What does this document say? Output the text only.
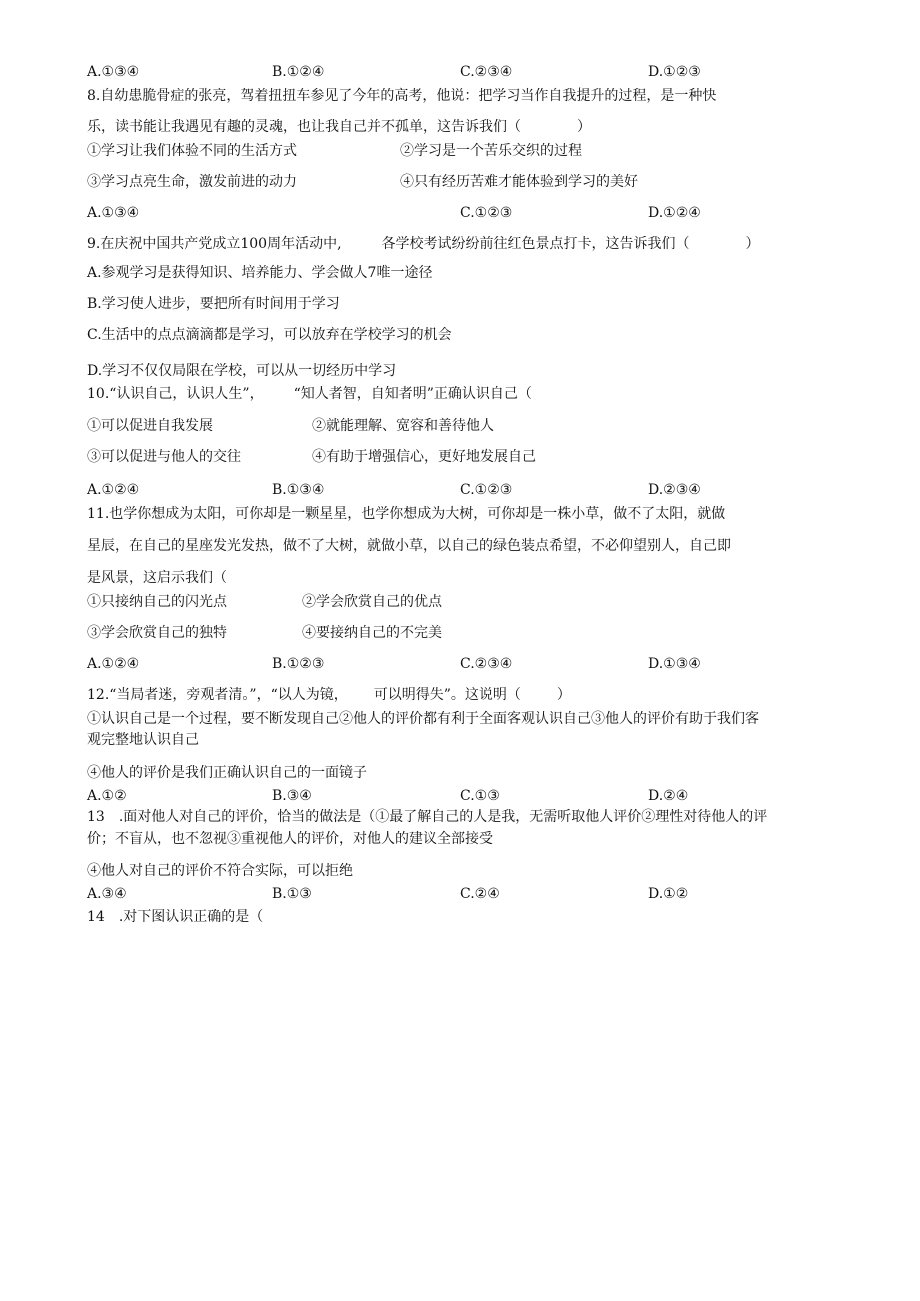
A.①③④	B.①②④	C.②③④	D.①②③
8.自幼患脆骨症的张亮，驾着扭扭车参见了今年的高考，他说：把学习当作自我提升的过程，是一种快
乐，读书能让我遇见有趣的灵魂，也让我自己并不孤单，这告诉我们（	）
①学习让我们体验不同的生活方式	②学习是一个苦乐交织的过程
③学习点亮生命，激发前进的动力	④只有经历苦难才能体验到学习的美好
A.①③④	C.①②③	D.①②④
9.在庆祝中国共产党成立100周年活动中,	各学校考试纷纷前往红色景点打卡，这告诉我们（	）
A.参观学习是获得知识、培养能力、学会做人7唯一途径
B.学习使人进步，要把所有时间用于学习
C.生活中的点点滴滴都是学习，可以放弃在学校学习的机会
D.学习不仅仅局限在学校，可以从一切经历中学习
10.“认识自己，认识人生”， “知人者智，自知者明”正确认识自己（
①可以促进自我发展	②就能理解、宽容和善待他人
③可以促进与他人的交往	④有助于增强信心，更好地发展自己
A.①②④	B.①③④	C.①②③	D.②③④
11.也学你想成为太阳，可你却是一颗星星，也学你想成为大树，可你却是一株小草，做不了太阳，就做
星辰，在自己的星座发光发热，做不了大树，就做小草，以自己的绿色装点希望，不必仰望别人，自己即
是风景，这启示我们（
①只接纳自己的闪光点	②学会欣赏自己的优点
③学会欣赏自己的独特	④要接纳自己的不完美
A.①②④	B.①②③	C.②③④	D.①③④
12.“当局者迷，旁观者清。”，“以人为镜， 可以明得失”。这说明（	）
①认识自己是一个过程，要不断发现自己②他人的评价都有利于全面客观认识自己③他人的评价有助于我们客
观完整地认识自己
④他人的评价是我们正确认识自己的一面镜子
A.①②	B.③④	C.①③	D.②④
13　.面对他人对自己的评价，恰当的做法是（①最了解自己的人是我，无需听取他人评价②理性对待他人的评
价；不盲从，也不忽视③重视他人的评价，对他人的建议全部接受
④他人对自己的评价不符合实际，可以拒绝
A.③④	B.①③	C.②④	D.①②
14　.对下图认识正确的是（
